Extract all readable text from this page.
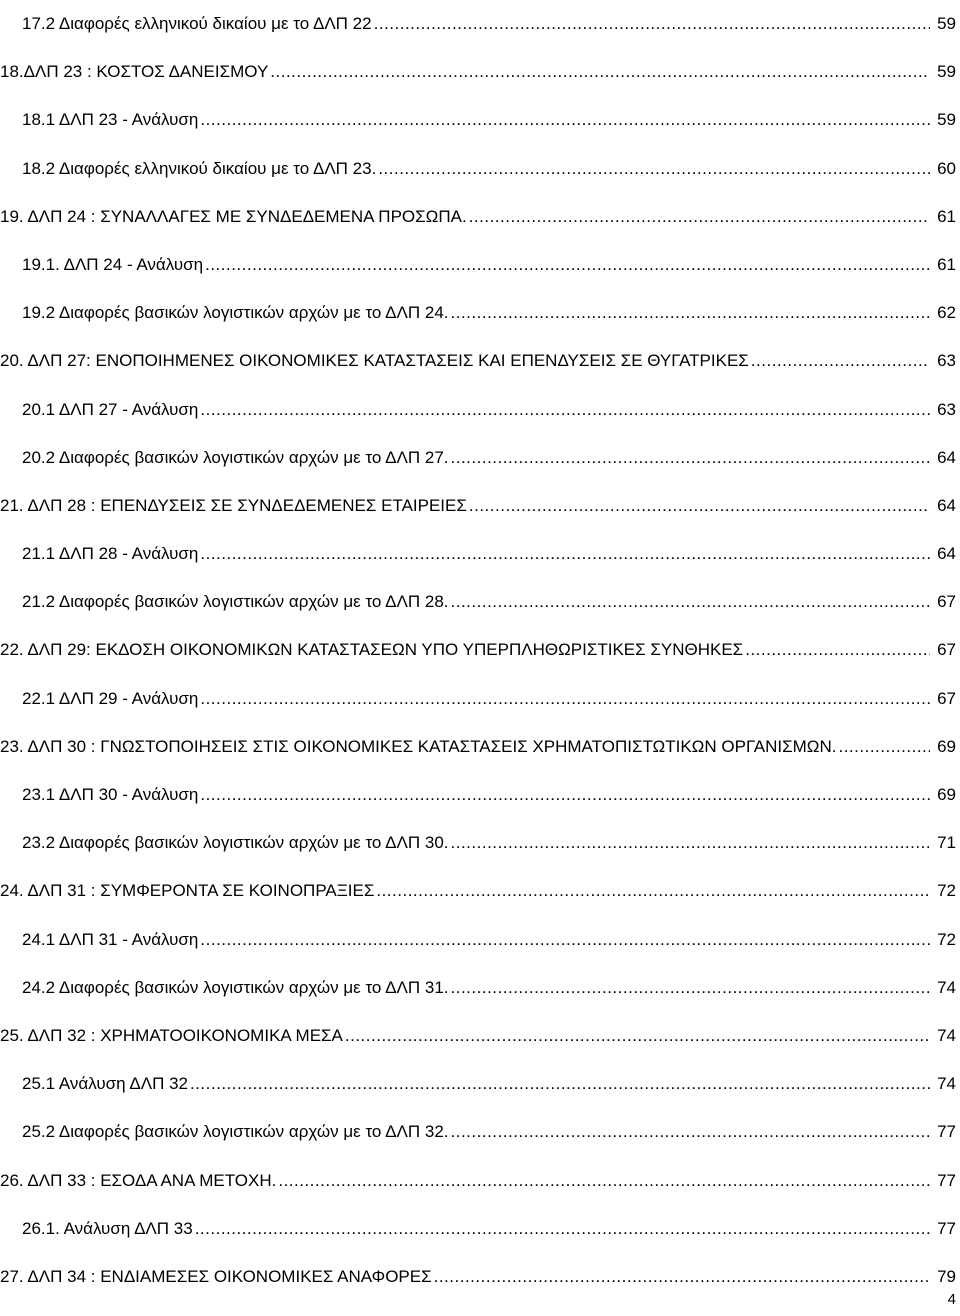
17.2 Διαφορές ελληνικού δικαίου με το ΔΛΠ 22 .....	59
18.ΔΛΠ 23 : ΚΟΣΤΟΣ ΔΑΝΕΙΣΜΟΥ .....	59
18.1 ΔΛΠ 23 - Ανάλυση .....	59
18.2 Διαφορές ελληνικού δικαίου με το ΔΛΠ 23. .....	60
19. ΔΛΠ 24 : ΣΥΝΑΛΛΑΓΕΣ ΜΕ ΣΥΝΔΕΔΕΜΕΝΑ ΠΡΟΣΩΠΑ. .....	61
19.1. ΔΛΠ 24 - Ανάλυση .....	61
19.2 Διαφορές βασικών λογιστικών αρχών με το ΔΛΠ 24. .....	62
20. ΔΛΠ 27: ΕΝΟΠΟΙΗΜΕΝΕΣ ΟΙΚΟΝΟΜΙΚΕΣ ΚΑΤΑΣΤΑΣΕΙΣ ΚΑΙ ΕΠΕΝΔΥΣΕΙΣ ΣΕ ΘΥΓΑΤΡΙΚΕΣ .....	63
20.1 ΔΛΠ 27 - Ανάλυση .....	63
20.2 Διαφορές βασικών λογιστικών αρχών με το ΔΛΠ 27. .....	64
21. ΔΛΠ 28 : ΕΠΕΝΔΥΣΕΙΣ ΣΕ ΣΥΝΔΕΔΕΜΕΝΕΣ ΕΤΑΙΡΕΙΕΣ .....	64
21.1 ΔΛΠ 28 - Ανάλυση .....	64
21.2 Διαφορές βασικών λογιστικών αρχών με το ΔΛΠ 28. .....	67
22. ΔΛΠ 29: ΕΚΔΟΣΗ ΟΙΚΟΝΟΜΙΚΩΝ ΚΑΤΑΣΤΑΣΕΩΝ ΥΠΟ ΥΠΕΡΠΛΗΘΩΡΙΣΤΙΚΕΣ ΣΥΝΘΗΚΕΣ .....	67
22.1 ΔΛΠ 29 - Ανάλυση .....	67
23. ΔΛΠ 30 : ΓΝΩΣΤΟΠΟΙΗΣΕΙΣ ΣΤΙΣ ΟΙΚΟΝΟΜΙΚΕΣ ΚΑΤΑΣΤΑΣΕΙΣ ΧΡΗΜΑΤΟΠΙΣΤΩΤΙΚΩΝ ΟΡΓΑΝΙΣΜΩΝ. .....	69
23.1 ΔΛΠ 30 - Ανάλυση .....	69
23.2 Διαφορές βασικών λογιστικών αρχών με το ΔΛΠ 30. .....	71
24. ΔΛΠ 31 : ΣΥΜΦΕΡΟΝΤΑ ΣΕ ΚΟΙΝΟΠΡΑΞΙΕΣ .....	72
24.1 ΔΛΠ 31 - Ανάλυση .....	72
24.2 Διαφορές βασικών λογιστικών αρχών με το ΔΛΠ 31. .....	74
25. ΔΛΠ 32 : ΧΡΗΜΑΤΟΟΙΚΟΝΟΜΙΚΑ ΜΕΣΑ .....	74
25.1 Ανάλυση ΔΛΠ 32 .....	74
25.2 Διαφορές βασικών λογιστικών αρχών με το ΔΛΠ 32. .....	77
26. ΔΛΠ 33 : ΕΣΟΔΑ ΑΝΑ ΜΕΤΟΧΗ. .....	77
26.1. Ανάλυση ΔΛΠ 33 .....	77
27. ΔΛΠ 34 : ΕΝΔΙΑΜΕΣΕΣ ΟΙΚΟΝΟΜΙΚΕΣ ΑΝΑΦΟΡΕΣ .....	79
4
